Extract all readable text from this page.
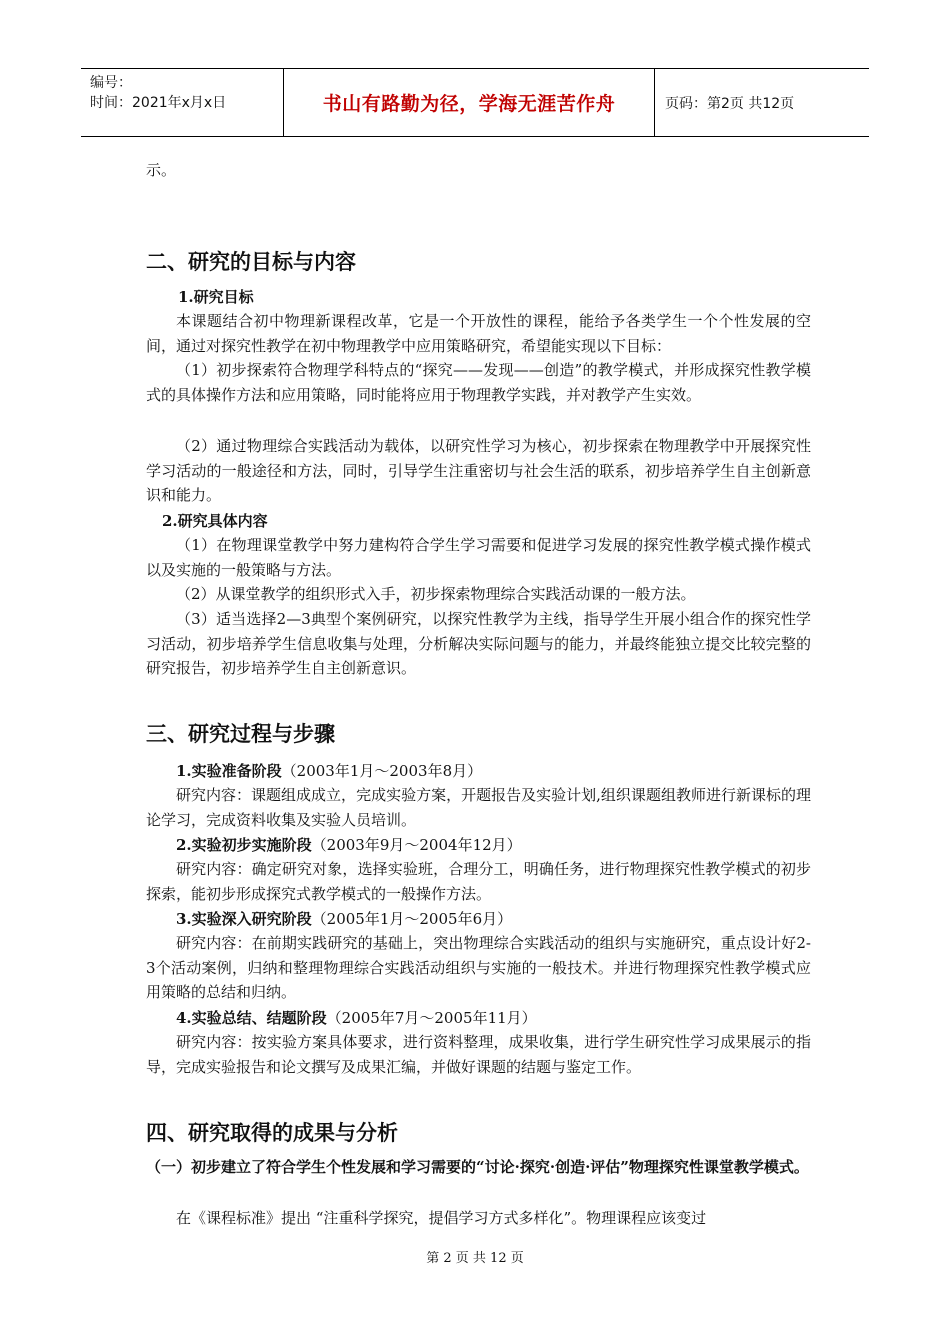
编号：
时间：2021年x月x日	书山有路勤为径，学海无涯苦作舟	页码：第2页 共12页

示。

二、研究的目标与内容
1.研究目标

本课题结合初中物理新课程改革，它是一个开放性的课程，能给予各类学生一个个性发展的空间，通过对探究性教学在初中物理教学中应用策略研究，希望能实现以下目标：

（1）初步探索符合物理学科特点的“探究——发现——创造”的教学模式，并形成探究性教学模式的具体操作方法和应用策略，同时能将应用于物理教学实践，并对教学产生实效。

（2）通过物理综合实践活动为载体，以研究性学习为核心，初步探索在物理教学中开展探究性学习活动的一般途径和方法，同时，引导学生注重密切与社会生活的联系，初步培养学生自主创新意识和能力。

2.研究具体内容

（1）在物理课堂教学中努力建构符合学生学习需要和促进学习发展的探究性教学模式操作模式以及实施的一般策略与方法。

（2）从课堂教学的组织形式入手，初步探索物理综合实践活动课的一般方法。

（3）适当选择2—3典型个案例研究，以探究性教学为主线，指导学生开展小组合作的探究性学习活动，初步培养学生信息收集与处理，分析解决实际问题与的能力，并最终能独立提交比较完整的研究报告，初步培养学生自主创新意识。

三、研究过程与步骤
1.实验准备阶段（2003年1月～2003年8月）

研究内容：课题组成成立，完成实验方案，开题报告及实验计划,组织课题组教师进行新课标的理论学习，完成资料收集及实验人员培训。

2.实验初步实施阶段（2003年9月～2004年12月）

研究内容：确定研究对象，选择实验班，合理分工，明确任务，进行物理探究性教学模式的初步探索，能初步形成探究式教学模式的一般操作方法。

3.实验深入研究阶段（2005年1月～2005年6月）

研究内容：在前期实践研究的基础上，突出物理综合实践活动的组织与实施研究，重点设计好2-3个活动案例，归纳和整理物理综合实践活动组织与实施的一般技术。并进行物理探究性教学模式应用策略的总结和归纳。

4.实验总结、结题阶段（2005年7月～2005年11月）

研究内容：按实验方案具体要求，进行资料整理，成果收集，进行学生研究性学习成果展示的指导，完成实验报告和论文撰写及成果汇编，并做好课题的结题与鉴定工作。

四、研究取得的成果与分析

（一）初步建立了符合学生个性发展和学习需要的“讨论·探究·创造·评估”物理探究性课堂教学模式。

在《课程标准》提出 “注重科学探究，提倡学习方式多样化”。物理课程应该变过

第 2 页 共 12 页
